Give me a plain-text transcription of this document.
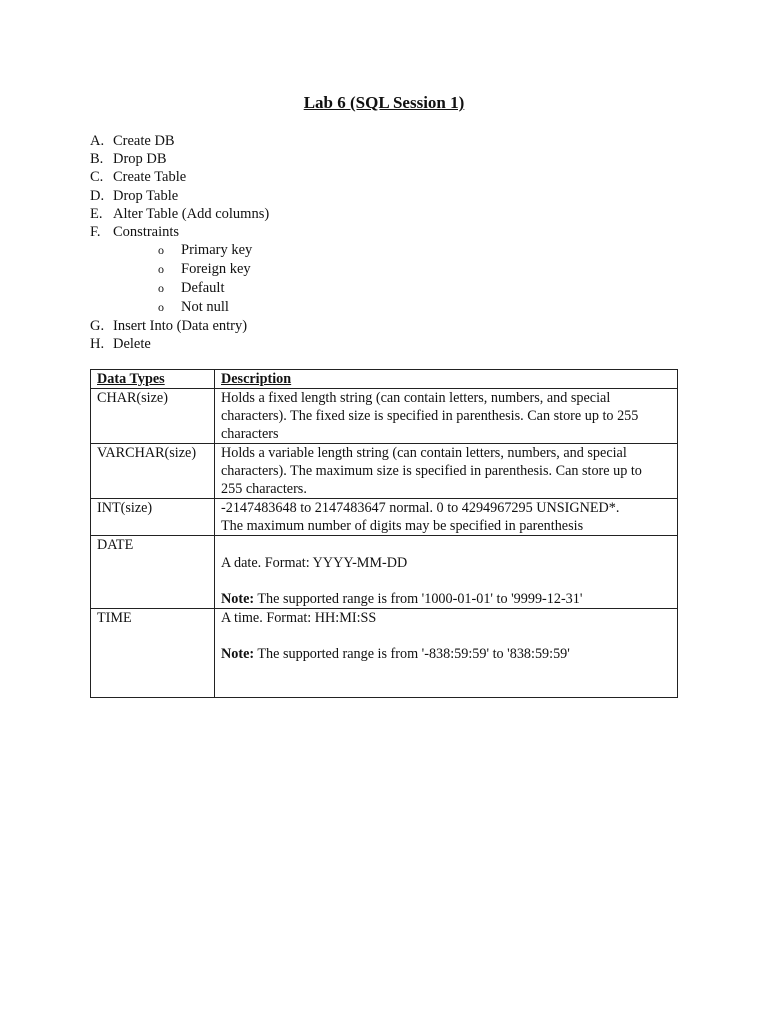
Lab 6 (SQL Session 1)
A. Create DB
B. Drop DB
C. Create Table
D. Drop Table
E. Alter Table (Add columns)
F. Constraints
o Primary key
o Foreign key
o Default
o Not null
G. Insert Into (Data entry)
H. Delete
Data Types	Description
CHAR(size)	Holds a fixed length string (can contain letters, numbers, and special
characters). The fixed size is specified in parenthesis. Can store up to 255
characters

VARCHAR(size)	Holds a variable length string (can contain letters, numbers, and special
characters). The maximum size is specified in parenthesis. Can store up to
255 characters.

INT(size)	-2147483648 to 2147483647 normal. 0 to 4294967295 UNSIGNED*.
The maximum number of digits may be specified in parenthesis

DATE	A date. Format: YYYY-MM-DD
Note: The supported range is from '1000-01-01' to '9999-12-31'

TIME	A time. Format: HH:MI:SS
Note: The supported range is from '-838:59:59' to '838:59:59'
